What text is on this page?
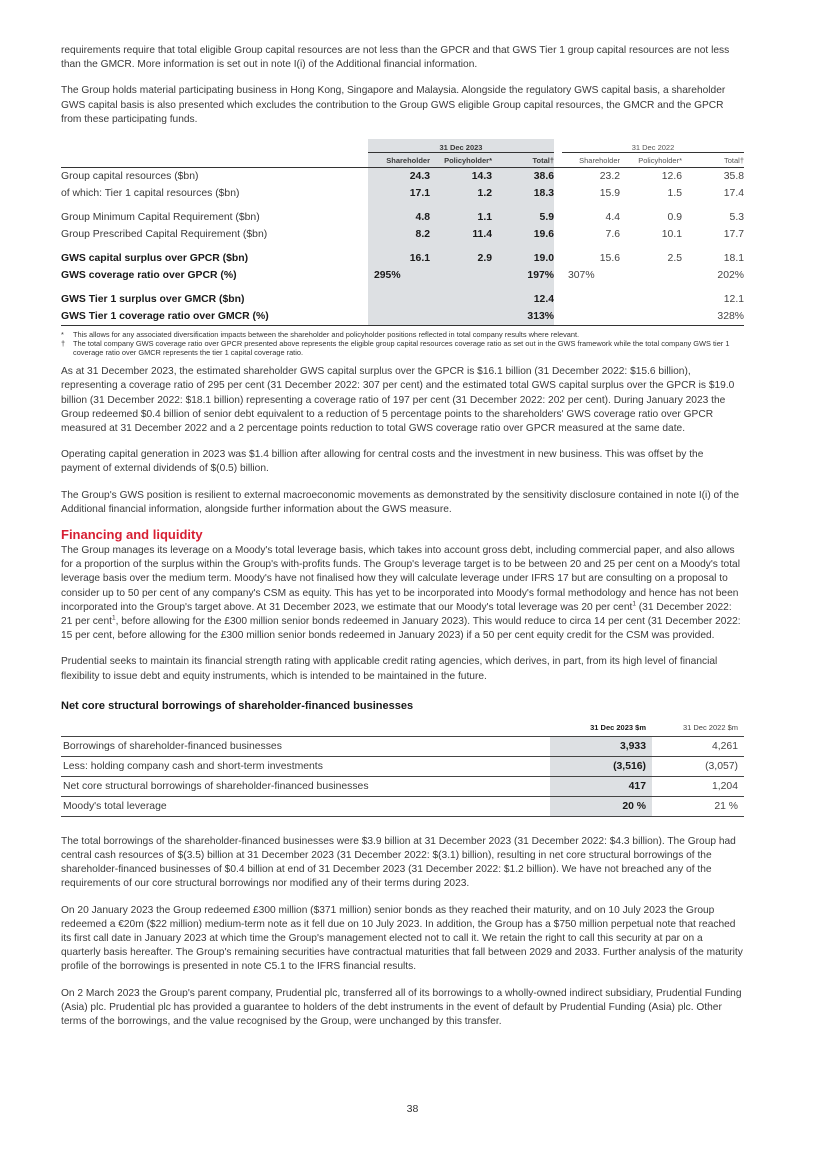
requirements require that total eligible Group capital resources are not less than the GPCR and that GWS Tier 1 group capital resources are not less than the GMCR. More information is set out in note I(i) of the Additional financial information.

The Group holds material participating business in Hong Kong, Singapore and Malaysia. Alongside the regulatory GWS capital basis, a shareholder GWS capital basis is also presented which excludes the contribution to the Group GWS eligible Group capital resources, the GMCR and the GPCR from these participating funds.

	31 Dec 2023				31 Dec 2022		
	Shareholder	Policyholder*	Total†		Shareholder	Policyholder*	Total†

Group capital resources ($bn)	24.3	14.3	38.6		23.2	12.6	35.8
of which: Tier 1 capital resources ($bn)	17.1	1.2	18.3		15.9	1.5	17.4

Group Minimum Capital Requirement ($bn)	4.8	1.1	5.9		4.4	0.9	5.3
Group Prescribed Capital Requirement ($bn)	8.2	11.4	19.6		7.6	10.1	17.7

GWS capital surplus over GPCR ($bn)	16.1	2.9	19.0		15.6	2.5	18.1
GWS coverage ratio over GPCR (%)	295%		197%		307%		202%

GWS Tier 1 surplus over GMCR ($bn)			12.4				12.1
GWS Tier 1 coverage ratio over GMCR (%)			313%				328%
*	This allows for any associated diversification impacts between the shareholder and policyholder positions reflected in total company results where relevant.
†	The total company GWS coverage ratio over GPCR presented above represents the eligible group capital resources coverage ratio as set out in the GWS framework while the total company GWS tier 1 coverage ratio over GMCR represents the tier 1 capital coverage ratio.

As at 31 December 2023, the estimated shareholder GWS capital surplus over the GPCR is $16.1 billion (31 December 2022: $15.6 billion), representing a coverage ratio of 295 per cent (31 December 2022: 307 per cent) and the estimated total GWS capital surplus over the GPCR is $19.0 billion (31 December 2022: $18.1 billion) representing a coverage ratio of 197 per cent (31 December 2022: 202 per cent). During January 2023 the Group redeemed $0.4 billion of senior debt equivalent to a reduction of 5 percentage points to the shareholders' GWS coverage ratio over GPCR measured at 31 December 2022 and a 2 percentage points reduction to total GWS coverage ratio over GPCR measured at the same date.

Operating capital generation in 2023 was $1.4 billion after allowing for central costs and the investment in new business. This was offset by the payment of external dividends of $(0.5) billion.

The Group's GWS position is resilient to external macroeconomic movements as demonstrated by the sensitivity disclosure contained in note I(i) of the Additional financial information, alongside further information about the GWS measure.

Financing and liquidity

The Group manages its leverage on a Moody's total leverage basis, which takes into account gross debt, including commercial paper, and also allows for a proportion of the surplus within the Group's with-profits funds. The Group's leverage target is to be between 20 and 25 per cent on a Moody's total leverage basis over the medium term. Moody's have not finalised how they will calculate leverage under IFRS 17 but are consulting on a proposal to consider up to 50 per cent of any company's CSM as equity. This has yet to be incorporated into Moody's formal methodology and hence has not been incorporated into the Group's target above. At 31 December 2023, we estimate that our Moody's total leverage was 20 per cent$^1$ (31 December 2022: 21 per cent$^1$, before allowing for the £300 million senior bonds redeemed in January 2023). This would reduce to circa 14 per cent (31 December 2022: 15 per cent, before allowing for the £300 million senior bonds redeemed in January 2023) if a 50 per cent equity credit for the CSM was provided.

Prudential seeks to maintain its financial strength rating with applicable credit rating agencies, which derives, in part, from its high level of financial flexibility to issue debt and equity instruments, which is intended to be maintained in the future.

Net core structural borrowings of shareholder-financed businesses
	31 Dec 2023 $m	31 Dec 2022 $m
Borrowings of shareholder-financed businesses	3,933	4,261
Less: holding company cash and short-term investments	(3,516)	(3,057)
Net core structural borrowings of shareholder-financed businesses	417	1,204
Moody's total leverage	20 %	21 %

The total borrowings of the shareholder-financed businesses were $3.9 billion at 31 December 2023 (31 December 2022: $4.3 billion). The Group had central cash resources of $(3.5) billion at 31 December 2023 (31 December 2022: $(3.1) billion), resulting in net core structural borrowings of the shareholder-financed businesses of $0.4 billion at end of 31 December 2023 (31 December 2022: $1.2 billion). We have not breached any of the requirements of our core structural borrowings nor modified any of their terms during 2023.

On 20 January 2023 the Group redeemed £300 million ($371 million) senior bonds as they reached their maturity, and on 10 July 2023 the Group redeemed a €20m ($22 million) medium-term note as it fell due on 10 July 2023. In addition, the Group has a $750 million perpetual note that reached its first call date in January 2023 at which time the Group's management elected not to call it. We retain the right to call this security at par on a quarterly basis hereafter. The Group's remaining securities have contractual maturities that fall between 2029 and 2033. Further analysis of the maturity profile of the borrowings is presented in note C5.1 to the IFRS financial results.

On 2 March 2023 the Group's parent company, Prudential plc, transferred all of its borrowings to a wholly-owned indirect subsidiary, Prudential Funding (Asia) plc. Prudential plc has provided a guarantee to holders of the debt instruments in the event of default by Prudential Funding (Asia) plc. Other terms of the borrowings, and the value recognised by the Group, were unchanged by this transfer.

38
